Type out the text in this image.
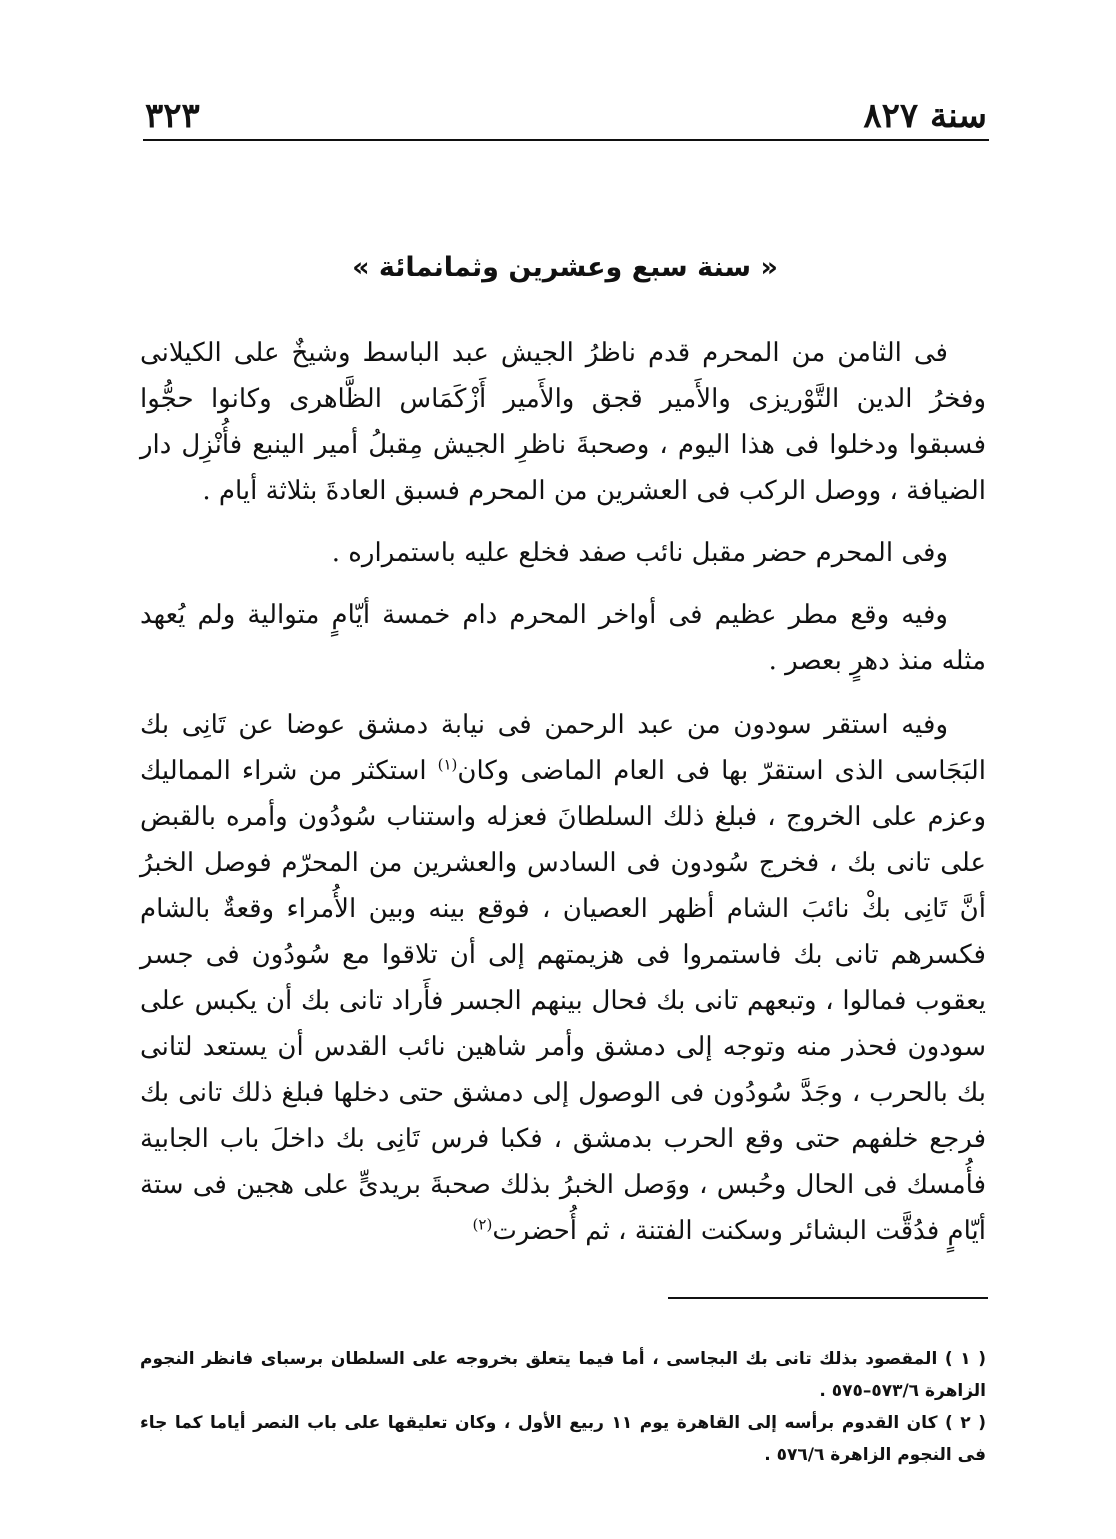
سنة ٨٢٧
٣٢٣
« سنة سبع وعشرين وثمانمائة »

فى الثامن من المحرم قدم ناظرُ الجيش عبد الباسط وشيخٌ على الكيلانى وفخرُ الدين التَّوْريزى والأَمير قجق والأَمير أَزْكَمَاس الظَّاهرى وكانوا حجُّوا فسبقوا ودخلوا فى هذا اليوم ، وصحبةَ ناظرِ الجيش مِقبلُ أمير الينبع فأُنْزِل دار الضيافة ، ووصل الركب فى العشرين من المحرم فسبق العادةَ بثلاثة أيام .

وفى المحرم حضر مقبل نائب صفد فخلع عليه باستمراره .

وفيه وقع مطر عظيم فى أواخر المحرم دام خمسة أيّامٍ متوالية ولم يُعهد مثله منذ دهرٍ بعصر .

وفيه استقر سودون من عبد الرحمن فى نيابة دمشق عوضا عن تَانِى بك البَجَاسى الذى استقرّ بها فى العام الماضى وكان$^{(١)}$ استكثر من شراء المماليك وعزم على الخروج ، فبلغ ذلك السلطانَ فعزله واستناب سُودُون وأمره بالقبض على تانى بك ، فخرج سُودون فى السادس والعشرين من المحرّم فوصل الخبرُ أنَّ تَانِى بكْ نائبَ الشام أظهر العصيان ، فوقع بينه وبين الأُمراء وقعةٌ بالشام فكسرهم تانى بك فاستمروا فى هزيمتهم إلى أن تلاقوا مع سُودُون فى جسر يعقوب فمالوا ، وتبعهم تانى بك فحال بينهم الجسر فأَراد تانى بك أن يكبس على سودون فحذر منه وتوجه إلى دمشق وأمر شاهين نائب القدس أن يستعد لتانى بك بالحرب ، وجَدَّ سُودُون فى الوصول إلى دمشق حتى دخلها فبلغ ذلك تانى بك فرجع خلفهم حتى وقع الحرب بدمشق ، فكبا فرس تَانِى بك داخلَ باب الجابية فأُمسك فى الحال وحُبس ، ووَصل الخبرُ بذلك صحبةَ بريدىٍّ على هجين فى ستة أيّامٍ فدُقَّت البشائر وسكنت الفتنة ، ثم أُحضرت$^{(٢)}$

( ١ ) المقصود بذلك تانى بك البجاسى ، أما فيما يتعلق بخروجه على السلطان برسباى فانظر النجوم الزاهرة ٥٧٣/٦–٥٧٥ .

( ٢ ) كان القدوم برأسه إلى القاهرة يوم ١١ ربيع الأول ، وكان تعليقها على باب النصر أياما كما جاء فى النجوم الزاهرة ٥٧٦/٦ .
